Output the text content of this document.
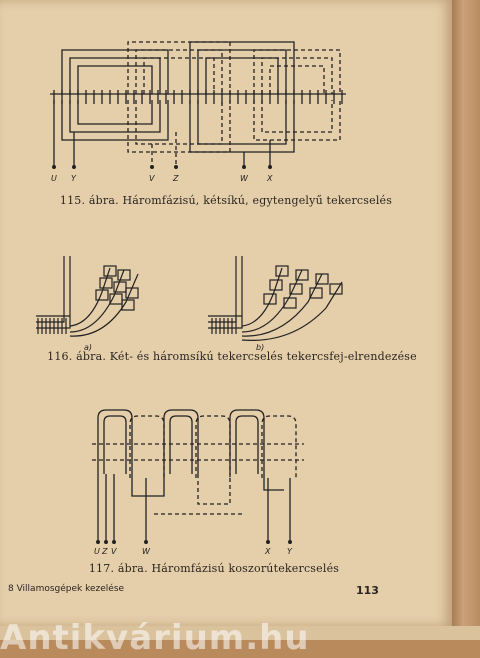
U Y	V Z	W X
115. ábra. Háromfázisú, kétsíkú, egytengelyű tekercselés
a)	b)
116. ábra. Két- és háromsíkú tekercselés tekercsfej-elrendezése
U Z V	W	X Y
117. ábra. Háromfázisú koszorútekercselés
8 Villamosgépek kezelése	113
Antikvárium.hu
